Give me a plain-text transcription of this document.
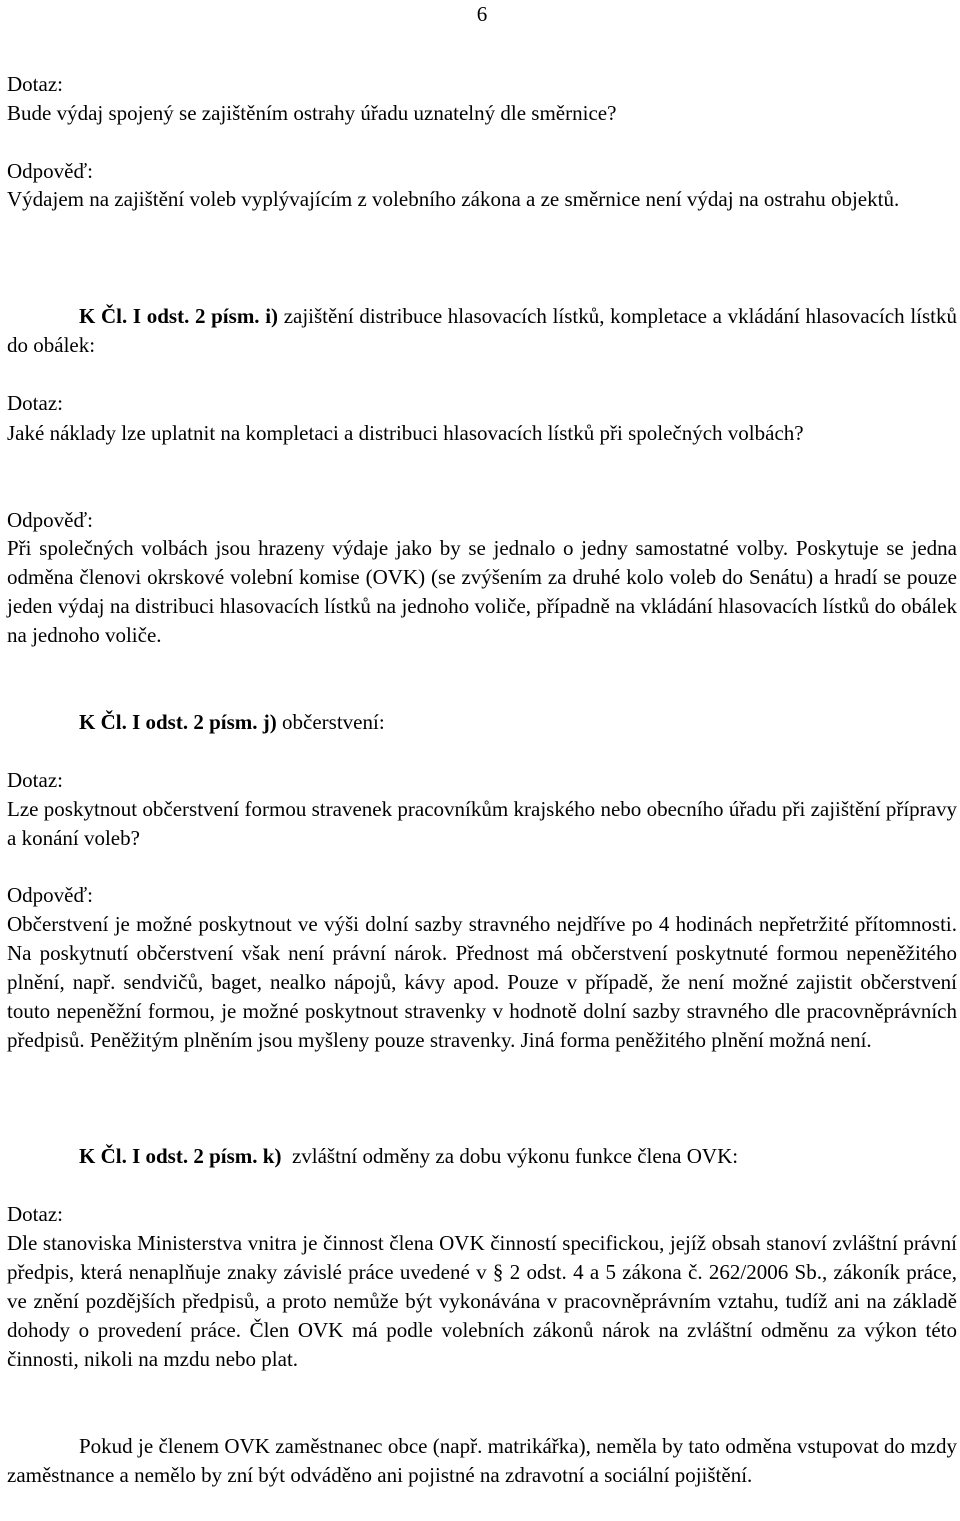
6
Dotaz:
Bude výdaj spojený se zajištěním ostrahy úřadu uznatelný dle směrnice?
Odpověď:
Výdajem na zajištění voleb vyplývajícím z volebního zákona a ze směrnice není výdaj na ostrahu objektů.
K Čl. I odst. 2 písm. i) zajištění distribuce hlasovacích lístků, kompletace a vkládání hlasovacích lístků do obálek:
Dotaz:
Jaké náklady lze uplatnit na kompletaci a distribuci hlasovacích lístků při společných volbách?
Odpověď:
Při společných volbách jsou hrazeny výdaje jako by se jednalo o jedny samostatné volby. Poskytuje se jedna odměna členovi okrskové volební komise (OVK) (se zvýšením za druhé kolo voleb do Senátu) a hradí se pouze jeden výdaj na distribuci hlasovacích lístků na jednoho voliče, případně na vkládání hlasovacích lístků do obálek na jednoho voliče.
K Čl. I odst. 2 písm. j) občerstvení:
Dotaz:
Lze poskytnout občerstvení formou stravenek pracovníkům krajského nebo obecního úřadu při zajištění přípravy a konání voleb?
Odpověď:
Občerstvení je možné poskytnout ve výši dolní sazby stravného nejdříve po 4 hodinách nepřetržité přítomnosti. Na poskytnutí občerstvení však není právní nárok. Přednost má občerstvení poskytnuté formou nepeněžitého plnění, např. sendvičů, baget, nealko nápojů, kávy apod. Pouze v případě, že není možné zajistit občerstvení touto nepeněžní formou, je možné poskytnout stravenky v hodnotě dolní sazby stravného dle pracovněprávních předpisů. Peněžitým plněním jsou myšleny pouze stravenky. Jiná forma peněžitého plnění možná není.
K Čl. I odst. 2 písm. k)  zvláštní odměny za dobu výkonu funkce člena OVK:
Dotaz:
Dle stanoviska Ministerstva vnitra je činnost člena OVK činností specifickou, jejíž obsah stanoví zvláštní právní předpis, která nenaplňuje znaky závislé práce uvedené v § 2 odst. 4 a 5 zákona č. 262/2006 Sb., zákoník práce, ve znění pozdějších předpisů, a proto nemůže být vykonávána v pracovněprávním vztahu, tudíž ani na základě dohody o provedení práce. Člen OVK má podle volebních zákonů nárok na zvláštní odměnu za výkon této činnosti, nikoli na mzdu nebo plat.
Pokud je členem OVK zaměstnanec obce (např. matrikářka), neměla by tato odměna vstupovat do mzdy zaměstnance a nemělo by zní být odváděno ani pojistné na zdravotní a sociální pojištění.
